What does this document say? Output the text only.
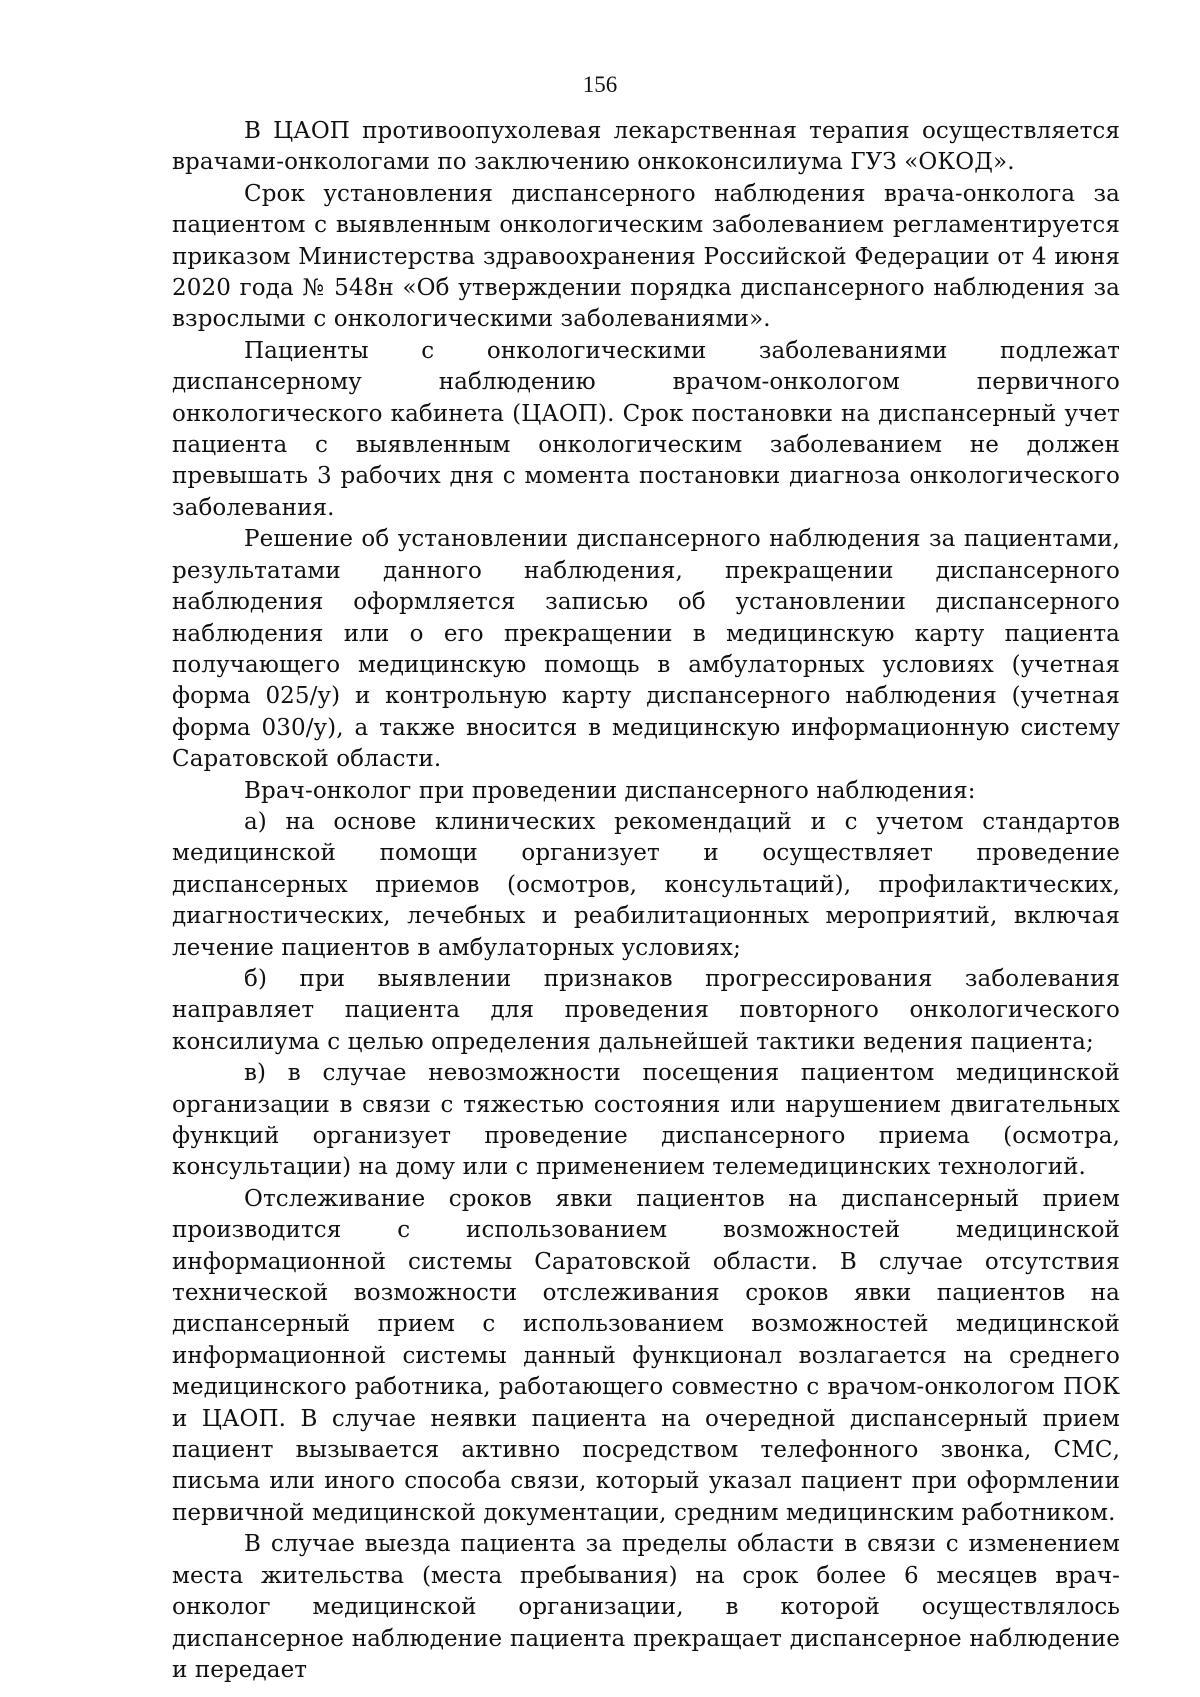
156

В ЦАОП противоопухолевая лекарственная терапия осуществляется врачами-онкологами по заключению онкоконсилиума ГУЗ «ОКОД».

Срок установления диспансерного наблюдения врача-онколога за пациентом с выявленным онкологическим заболеванием регламентируется приказом Министерства здравоохранения Российской Федерации от 4 июня 2020 года № 548н «Об утверждении порядка диспансерного наблюдения за взрослыми с онкологическими заболеваниями».

Пациенты с онкологическими заболеваниями подлежат диспансерному наблюдению врачом-онкологом первичного онкологического кабинета (ЦАОП). Срок постановки на диспансерный учет пациента с выявленным онкологическим заболеванием не должен превышать 3 рабочих дня с момента постановки диагноза онкологического заболевания.

Решение об установлении диспансерного наблюдения за пациентами, результатами данного наблюдения, прекращении диспансерного наблюдения оформляется записью об установлении диспансерного наблюдения или о его прекращении в медицинскую карту пациента получающего медицинскую помощь в амбулаторных условиях (учетная форма 025/у) и контрольную карту диспансерного наблюдения (учетная форма 030/у), а также вносится в медицинскую информационную систему Саратовской области.

Врач-онколог при проведении диспансерного наблюдения:

а) на основе клинических рекомендаций и с учетом стандартов медицинской помощи организует и осуществляет проведение диспансерных приемов (осмотров, консультаций), профилактических, диагностических, лечебных и реабилитационных мероприятий, включая лечение пациентов в амбулаторных условиях;

б) при выявлении признаков прогрессирования заболевания направляет пациента для проведения повторного онкологического консилиума с целью определения дальнейшей тактики ведения пациента;

в) в случае невозможности посещения пациентом медицинской организации в связи с тяжестью состояния или нарушением двигательных функций организует проведение диспансерного приема (осмотра, консультации) на дому или с применением телемедицинских технологий.

Отслеживание сроков явки пациентов на диспансерный прием производится с использованием возможностей медицинской информационной системы Саратовской области. В случае отсутствия технической возможности отслеживания сроков явки пациентов на диспансерный прием с использованием возможностей медицинской информационной системы данный функционал возлагается на среднего медицинского работника, работающего совместно с врачом-онкологом ПОК и ЦАОП. В случае неявки пациента на очередной диспансерный прием пациент вызывается активно посредством телефонного звонка, СМС, письма или иного способа связи, который указал пациент при оформлении первичной медицинской документации, средним медицинским работником.

В случае выезда пациента за пределы области в связи с изменением места жительства (места пребывания) на срок более 6 месяцев врач-онколог медицинской организации, в которой осуществлялось диспансерное наблюдение пациента прекращает диспансерное наблюдение и передает
